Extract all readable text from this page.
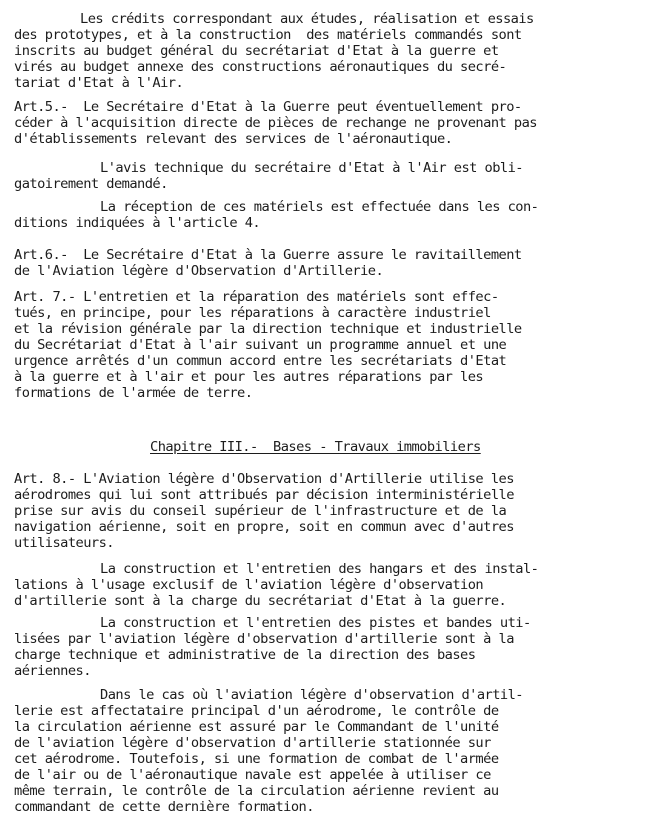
Les crédits correspondant aux études, réalisation et essais
des prototypes, et à la construction  des matériels commandés sont
inscrits au budget général du secrétariat d'Etat à la guerre et
virés au budget annexe des constructions aéronautiques du secré-
tariat d'Etat à l'Air.
Art.5.-  Le Secrétaire d'Etat à la Guerre peut éventuellement pro-
céder à l'acquisition directe de pièces de rechange ne provenant pas
d'établissements relevant des services de l'aéronautique.
L'avis technique du secrétaire d'Etat à l'Air est obli-
gatoirement demandé.
La réception de ces matériels est effectuée dans les con-
ditions indiquées à l'article 4.
Art.6.-  Le Secrétaire d'Etat à la Guerre assure le ravitaillement
de l'Aviation légère d'Observation d'Artillerie.
Art. 7.- L'entretien et la réparation des matériels sont effec-
tués, en principe, pour les réparations à caractère industriel
et la révision générale par la direction technique et industrielle
du Secrétariat d'Etat à l'air suivant un programme annuel et une
urgence arrêtés d'un commun accord entre les secrétariats d'Etat
à la guerre et à l'air et pour les autres réparations par les
formations de l'armée de terre.
Chapitre III.-  Bases - Travaux immobiliers
Art. 8.- L'Aviation légère d'Observation d'Artillerie utilise les
aérodromes qui lui sont attribués par décision interministérielle
prise sur avis du conseil supérieur de l'infrastructure et de la
navigation aérienne, soit en propre, soit en commun avec d'autres
utilisateurs.
La construction et l'entretien des hangars et des instal-
lations à l'usage exclusif de l'aviation légère d'observation
d'artillerie sont à la charge du secrétariat d'Etat à la guerre.
La construction et l'entretien des pistes et bandes uti-
lisées par l'aviation légère d'observation d'artillerie sont à la
charge technique et administrative de la direction des bases
aériennes.
Dans le cas où l'aviation légère d'observation d'artil-
lerie est affectataire principal d'un aérodrome, le contrôle de
la circulation aérienne est assuré par le Commandant de l'unité
de l'aviation légère d'observation d'artillerie stationnée sur
cet aérodrome. Toutefois, si une formation de combat de l'armée
de l'air ou de l'aéronautique navale est appelée à utiliser ce
même terrain, le contrôle de la circulation aérienne revient au
commandant de cette dernière formation.
